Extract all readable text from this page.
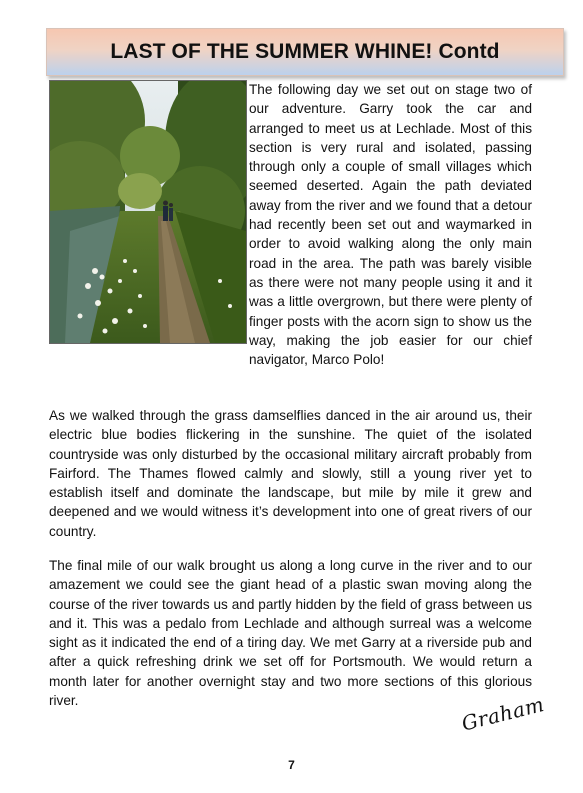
LAST OF THE SUMMER WHINE! Contd

The following day we set out on stage two of our adventure. Garry took the car and arranged to meet us at Lechlade. Most of this section is very rural and isolated, passing through only a couple of small villages which seemed deserted. Again the path deviated away from the river and we found that a detour had recently been set out and waymarked in order to avoid walking along the only main road in the area. The path was barely visible as there were not many people using it and it was a little overgrown, but there were plenty of finger posts with the acorn sign to show us the way, making the job easier for our chief navigator, Marco Polo!

As we walked through the grass damselflies danced in the air around us, their electric blue bodies flickering in the sunshine. The quiet of the isolated countryside was only disturbed by the occasional military aircraft probably from Fairford. The Thames flowed calmly and slowly, still a young river yet to establish itself and dominate the landscape, but mile by mile it grew and deepened and we would witness it’s development into one of great rivers of our country.

The final mile of our walk brought us along a long curve in the river and to our amazement we could see the giant head of a plastic swan moving along the course of the river towards us and partly hidden by the field of grass between us and it. This was a pedalo from Lechlade and although surreal was a welcome sight as it indicated the end of a tiring day. We met Garry at a riverside pub and after a quick refreshing drink we set off for Portsmouth. We would return a month later for another overnight stay and two more sections of this glorious river.	Graham
7
